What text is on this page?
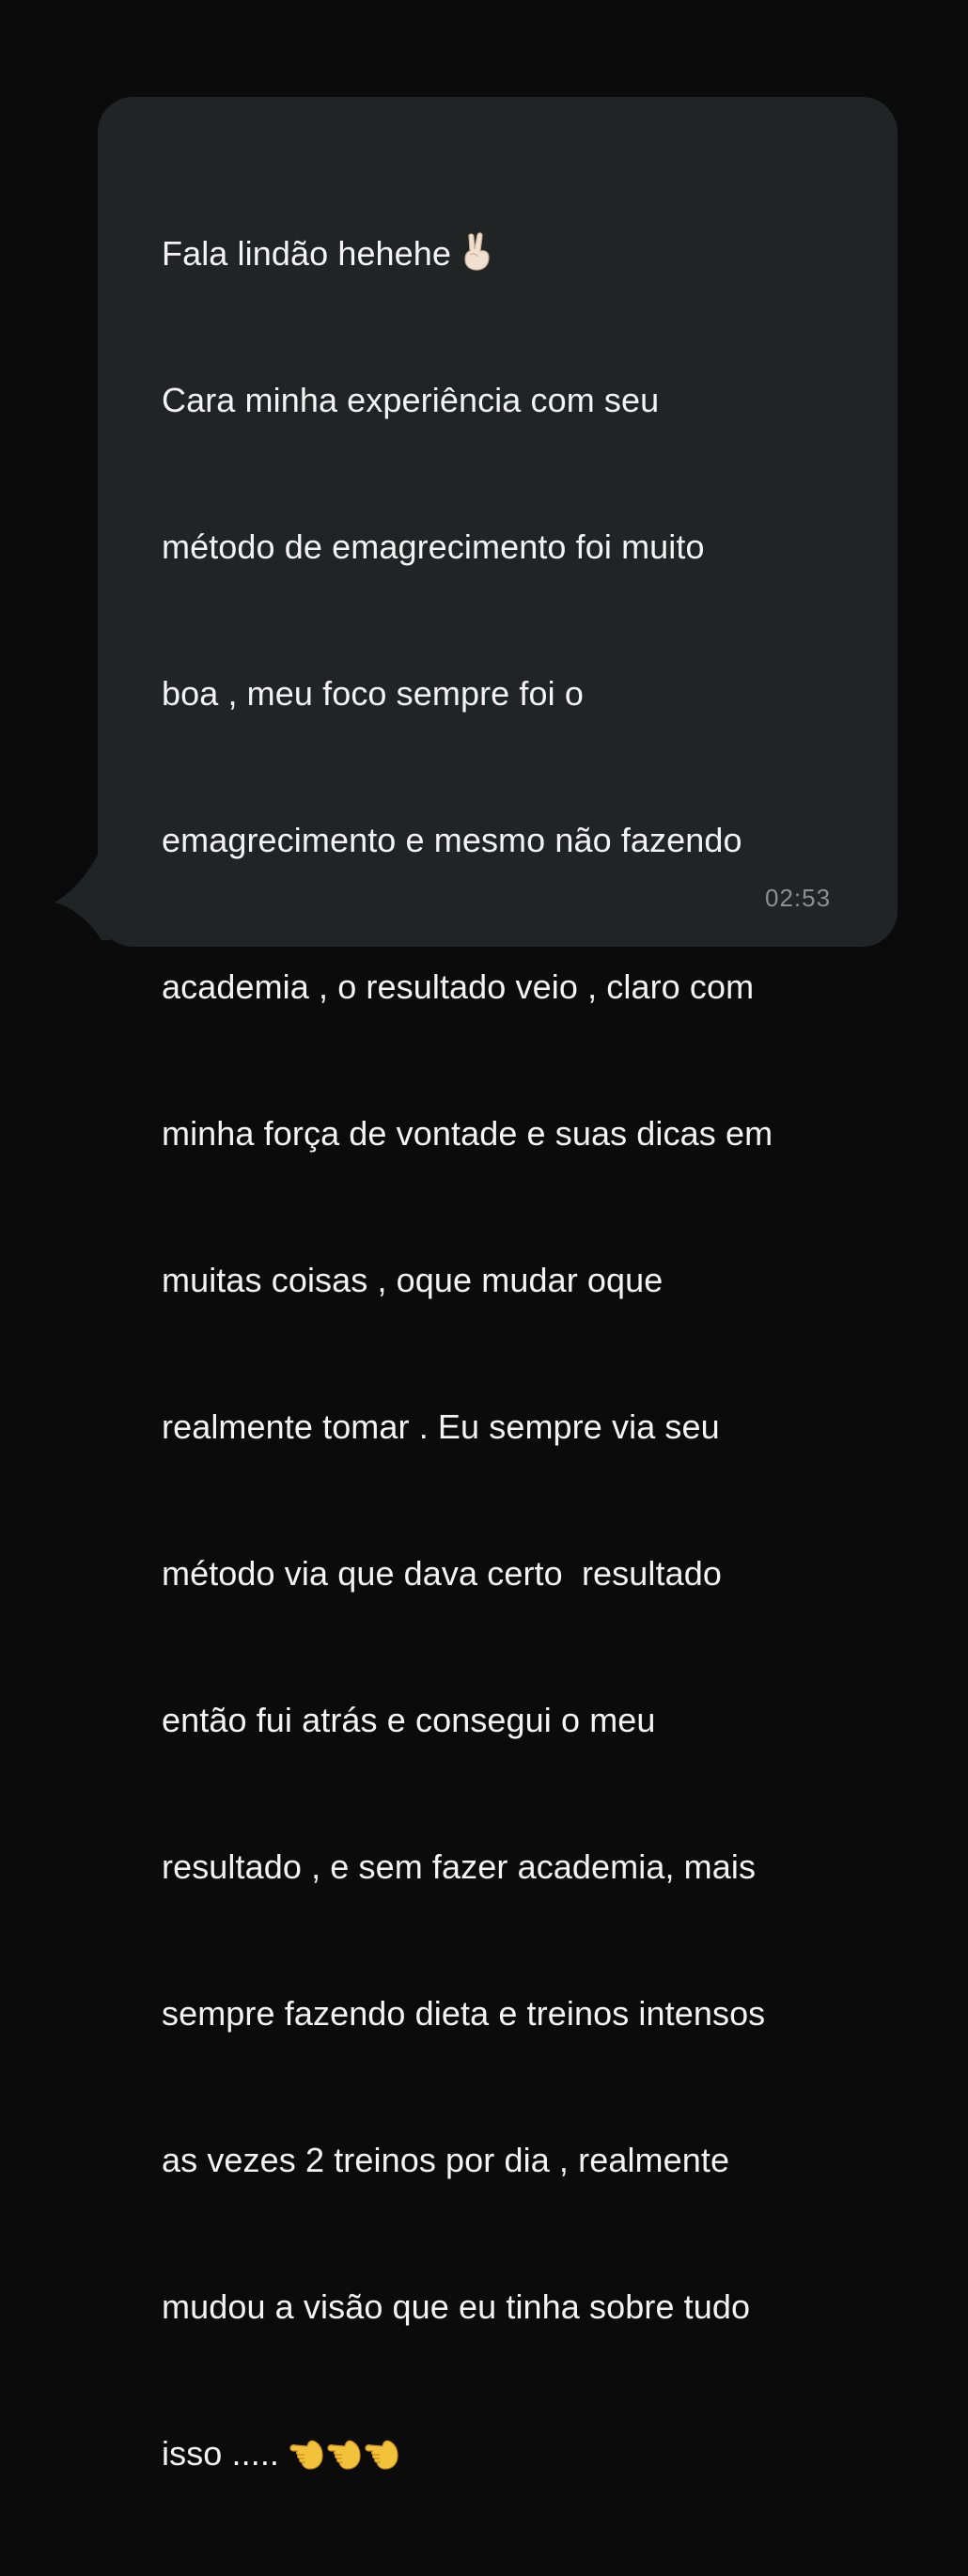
Fala lindão hehehe

Cara minha experiência com seu

método de emagrecimento foi muito

boa , meu foco sempre foi o

emagrecimento e mesmo não fazendo

academia , o resultado veio , claro com

minha força de vontade e suas dicas em

muitas coisas , oque mudar oque

realmente tomar . Eu sempre via seu

método via que dava certo  resultado

então fui atrás e consegui o meu

resultado , e sem fazer academia, mais

sempre fazendo dieta e treinos intensos

as vezes 2 treinos por dia , realmente

mudou a visão que eu tinha sobre tudo

isso .....

02:53
